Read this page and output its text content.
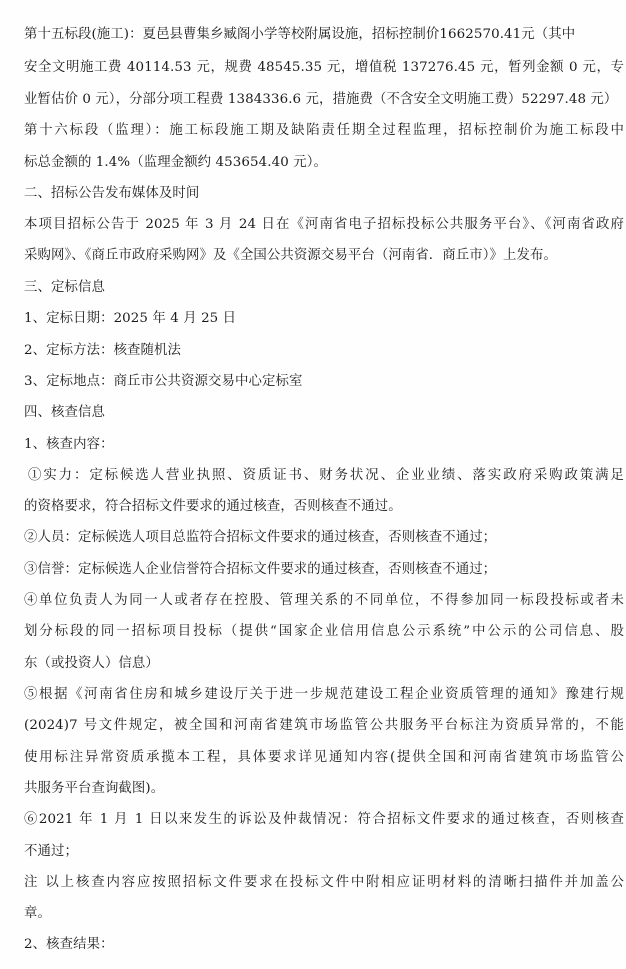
第十五标段(施工)：夏邑县曹集乡臧阁小学等校附属设施，招标控制价1662570.41元（其中
安全文明施工费 40114.53 元，规费 48545.35 元，增值税 137276.45 元，暂列金额 0 元，专
业暂估价 0 元），分部分项工程费 1384336.6 元，措施费（不含安全文明施工费）52297.48 元）
第十六标段（监理）：施工标段施工期及缺陷责任期全过程监理，招标控制价为施工标段中
标总金额的 1.4%（监理金额约 453654.40 元）。
二、招标公告发布媒体及时间
本项目招标公告于 2025 年 3 月 24 日在《河南省电子招标投标公共服务平台》、《河南省政府
采购网》、《商丘市政府采购网》及《全国公共资源交易平台（河南省．商丘市）》上发布。
三、定标信息
1、定标日期：2025 年 4 月 25 日
2、定标方法：核查随机法
3、定标地点：商丘市公共资源交易中心定标室
四、核查信息
1、核查内容：
①实力：定标候选人营业执照、资质证书、财务状况、企业业绩、落实政府采购政策满足
的资格要求，符合招标文件要求的通过核查，否则核查不通过。
②人员：定标候选人项目总监符合招标文件要求的通过核查，否则核查不通过；
③信誉：定标候选人企业信誉符合招标文件要求的通过核查，否则核查不通过；
④单位负责人为同一人或者存在控股、管理关系的不同单位，不得参加同一标段投标或者未
划分标段的同一招标项目投标（提供“国家企业信用信息公示系统”中公示的公司信息、股
东（或投资人）信息）
⑤根据《河南省住房和城乡建设厅关于进一步规范建设工程企业资质管理的通知》豫建行规
(2024)7 号文件规定，被全国和河南省建筑市场监管公共服务平台标注为资质异常的，不能
使用标注异常资质承揽本工程，具体要求详见通知内容(提供全国和河南省建筑市场监管公
共服务平台查询截图)。
⑥2021 年 1 月 1 日以来发生的诉讼及仲裁情况：符合招标文件要求的通过核查，否则核查
不通过；
注 以上核查内容应按照招标文件要求在投标文件中附相应证明材料的清晰扫描件并加盖公
章。
2、核查结果：
